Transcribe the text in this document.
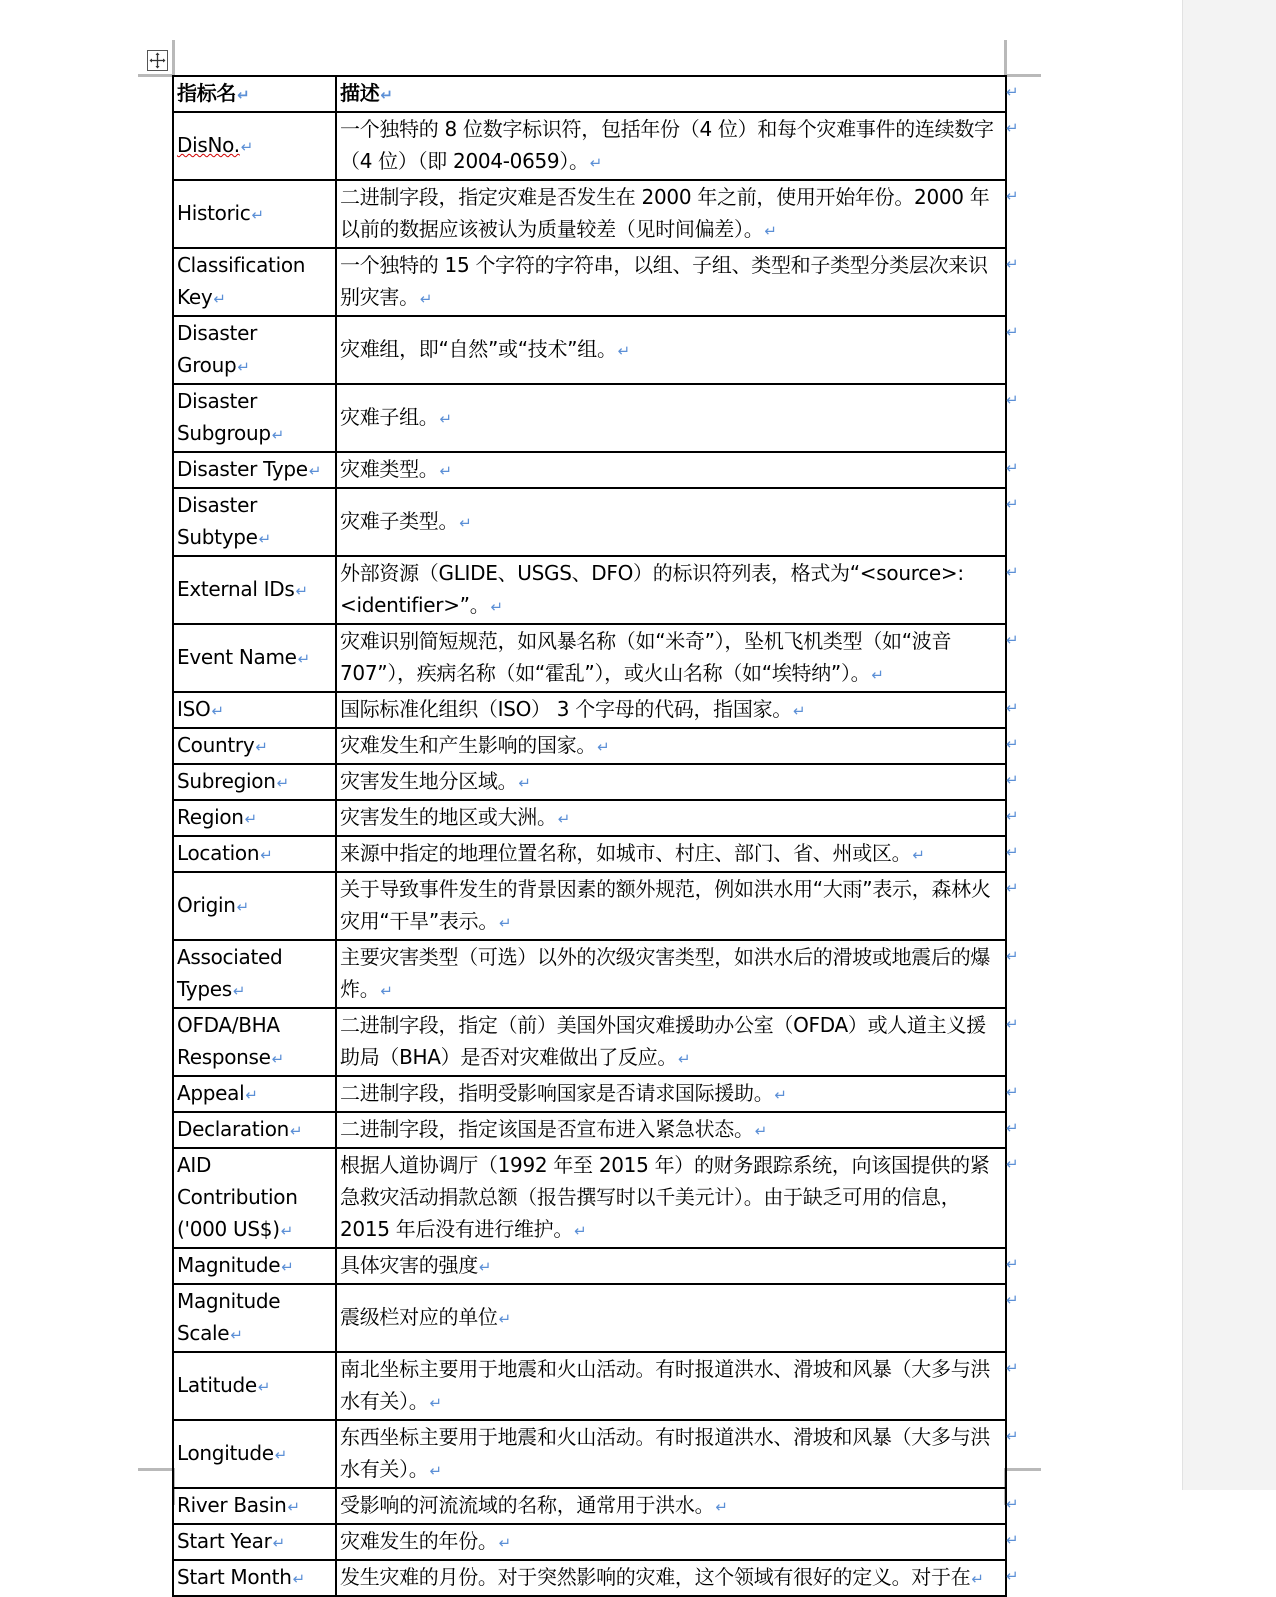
指标名↵	描述↵
DisNo.↵	一个独特的 8 位数字标识符，包括年份（4 位）和每个灾难事件的连续数字（4 位）（即 2004-0659）。↵
Historic↵	二进制字段，指定灾难是否发生在 2000 年之前，使用开始年份。2000 年以前的数据应该被认为质量较差（见时间偏差）。↵
Classification Key↵	一个独特的 15 个字符的字符串，以组、子组、类型和子类型分类层次来识别灾害。↵
Disaster Group↵	灾难组，即“自然”或“技术”组。↵
Disaster Subgroup↵	灾难子组。↵
Disaster Type↵	灾难类型。↵
Disaster Subtype↵	灾难子类型。↵
External IDs↵	外部资源（GLIDE、USGS、DFO）的标识符列表，格式为“<source>:<identifier>”。↵
Event Name↵	灾难识别简短规范，如风暴名称（如“米奇”），坠机飞机类型（如“波音 707”），疾病名称（如“霍乱”），或火山名称（如“埃特纳”）。↵
ISO↵	国际标准化组织（ISO） 3 个字母的代码，指国家。↵
Country↵	灾难发生和产生影响的国家。↵
Subregion↵	灾害发生地分区域。↵
Region↵	灾害发生的地区或大洲。↵
Location↵	来源中指定的地理位置名称，如城市、村庄、部门、省、州或区。↵
Origin↵	关于导致事件发生的背景因素的额外规范，例如洪水用“大雨”表示，森林火灾用“干旱”表示。↵
Associated Types↵	主要灾害类型（可选）以外的次级灾害类型，如洪水后的滑坡或地震后的爆炸。↵
OFDA/BHA Response↵	二进制字段，指定（前）美国外国灾难援助办公室（OFDA）或人道主义援助局（BHA）是否对灾难做出了反应。↵
Appeal↵	二进制字段，指明受影响国家是否请求国际援助。↵
Declaration↵	二进制字段，指定该国是否宣布进入紧急状态。↵
AID Contribution ('000 US$)↵	根据人道协调厅（1992 年至 2015 年）的财务跟踪系统，向该国提供的紧急救灾活动捐款总额（报告撰写时以千美元计）。由于缺乏可用的信息，2015 年后没有进行维护。↵
Magnitude↵	具体灾害的强度↵
Magnitude Scale↵	震级栏对应的单位↵
Latitude↵	南北坐标主要用于地震和火山活动。有时报道洪水、滑坡和风暴（大多与洪水有关）。↵
Longitude↵	东西坐标主要用于地震和火山活动。有时报道洪水、滑坡和风暴（大多与洪水有关）。↵
River Basin↵	受影响的河流流域的名称，通常用于洪水。↵
Start Year↵	灾难发生的年份。↵
Start Month↵	发生灾难的月份。对于突然影响的灾难，这个领域有很好的定义。对于在↵
↵
↵
↵
↵
↵
↵
↵
↵
↵
↵
↵
↵
↵
↵
↵
↵
↵
↵
↵
↵
↵
↵
↵
↵
↵
↵
↵
↵
